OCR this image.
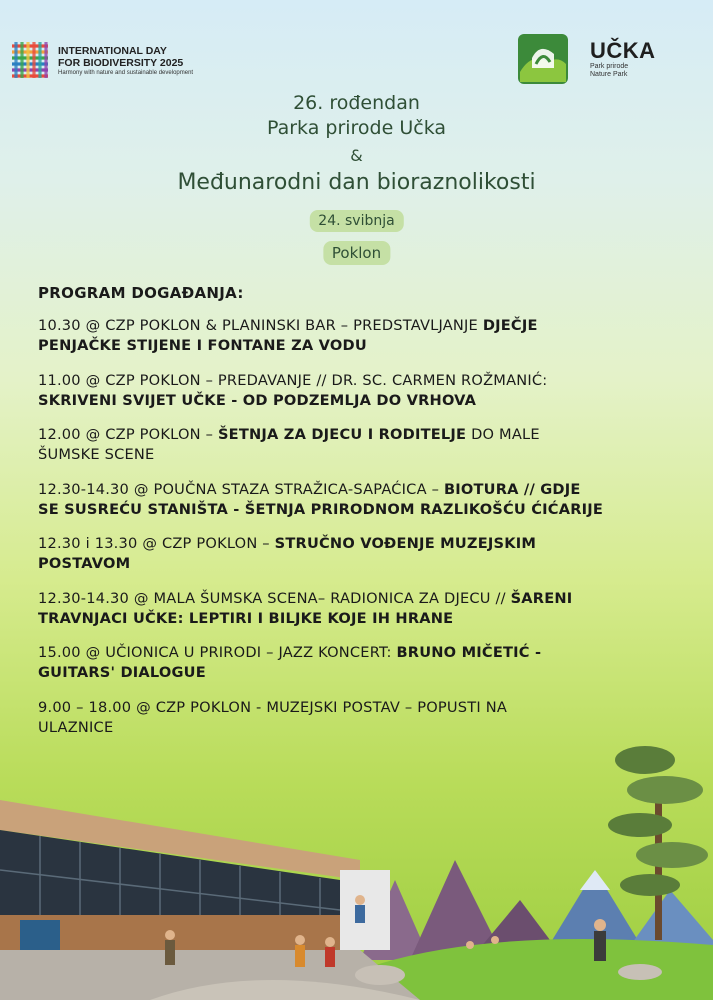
INTERNATIONAL DAY
FOR BIODIVERSITY 2025
Harmony with nature and sustainable development
UČKA
Park prirode
Nature Park
26. rođendan
Parka prirode Učka
&
Međunarodni dan bioraznolikosti
24. svibnja
Poklon
PROGRAM DOGAĐANJA:
10.30 @ CZP POKLON & PLANINSKI BAR – PREDSTAVLJANJE DJEČJE
PENJAČKE STIJENE I FONTANE ZA VODU
11.00 @ CZP POKLON – PREDAVANJE // DR. SC. CARMEN ROŽMANIĆ:
SKRIVENI SVIJET UČKE - OD PODZEMLJA DO VRHOVA
12.00 @ CZP POKLON – ŠETNJA ZA DJECU I RODITELJE DO MALE
ŠUMSKE SCENE
12.30-14.30 @ POUČNA STAZA STRAŽICA-SAPAĆICA – BIOTURA // GDJE
SE SUSREĆU STANIŠTA - ŠETNJA PRIRODNOM RAZLIKOŠĆU ĆIĆARIJE
12.30 i 13.30 @ CZP POKLON – STRUČNO VOĐENJE MUZEJSKIM
POSTAVOM
12.30-14.30 @ MALA ŠUMSKA SCENA– RADIONICA ZA DJECU // ŠARENI
TRAVNJACI UČKE: LEPTIRI I BILJKE KOJE IH HRANE
15.00 @ UČIONICA U PRIRODI – JAZZ KONCERT: BRUNO MIČETIĆ -
GUITARS' DIALOGUE
9.00 – 18.00 @ CZP POKLON - MUZEJSKI POSTAV – POPUSTI NA
ULAZNICE
